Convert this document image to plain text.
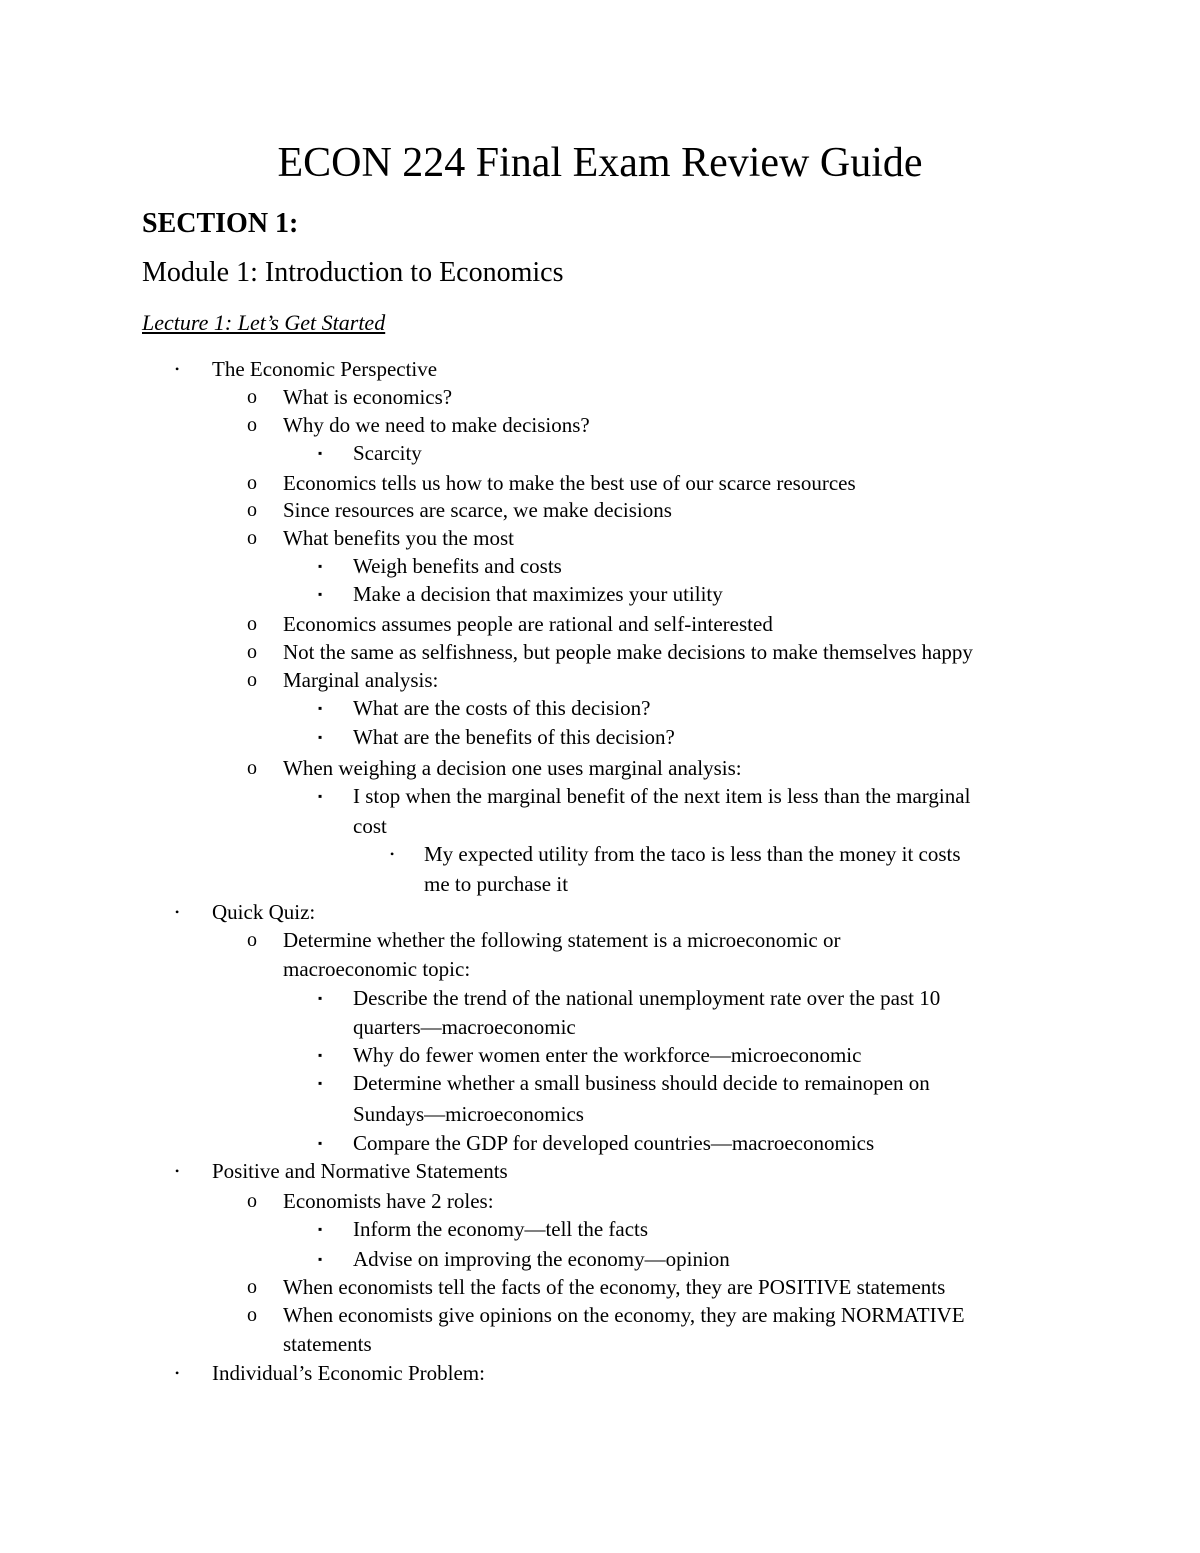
ECON 224 Final Exam Review Guide
SECTION 1:
Module 1: Introduction to Economics
Lecture 1: Let’s Get Started
• The Economic Perspective
o What is economics?
o Why do we need to make decisions?
▪ Scarcity
o Economics tells us how to make the best use of our scarce resources
o Since resources are scarce, we make decisions
o What benefits you the most
▪ Weigh benefits and costs
▪ Make a decision that maximizes your utility
o Economics assumes people are rational and self-interested
o Not the same as selfishness, but people make decisions to make themselves happy
o Marginal analysis:
▪ What are the costs of this decision?
▪ What are the benefits of this decision?
o When weighing a decision one uses marginal analysis:
▪ I stop when the marginal benefit of the next item is less than the marginal
cost
• My expected utility from the taco is less than the money it costs
me to purchase it
• Quick Quiz:
o Determine whether the following statement is a microeconomic or
macroeconomic topic:
▪ Describe the trend of the national unemployment rate over the past 10
quarters—macroeconomic
▪ Why do fewer women enter the workforce—microeconomic
▪ Determine whether a small business should decide to remainopen on
Sundays—microeconomics
▪ Compare the GDP for developed countries—macroeconomics
• Positive and Normative Statements
o Economists have 2 roles:
▪ Inform the economy—tell the facts
▪ Advise on improving the economy—opinion
o When economists tell the facts of the economy, they are POSITIVE statements
o When economists give opinions on the economy, they are making NORMATIVE
statements
• Individual’s Economic Problem:
